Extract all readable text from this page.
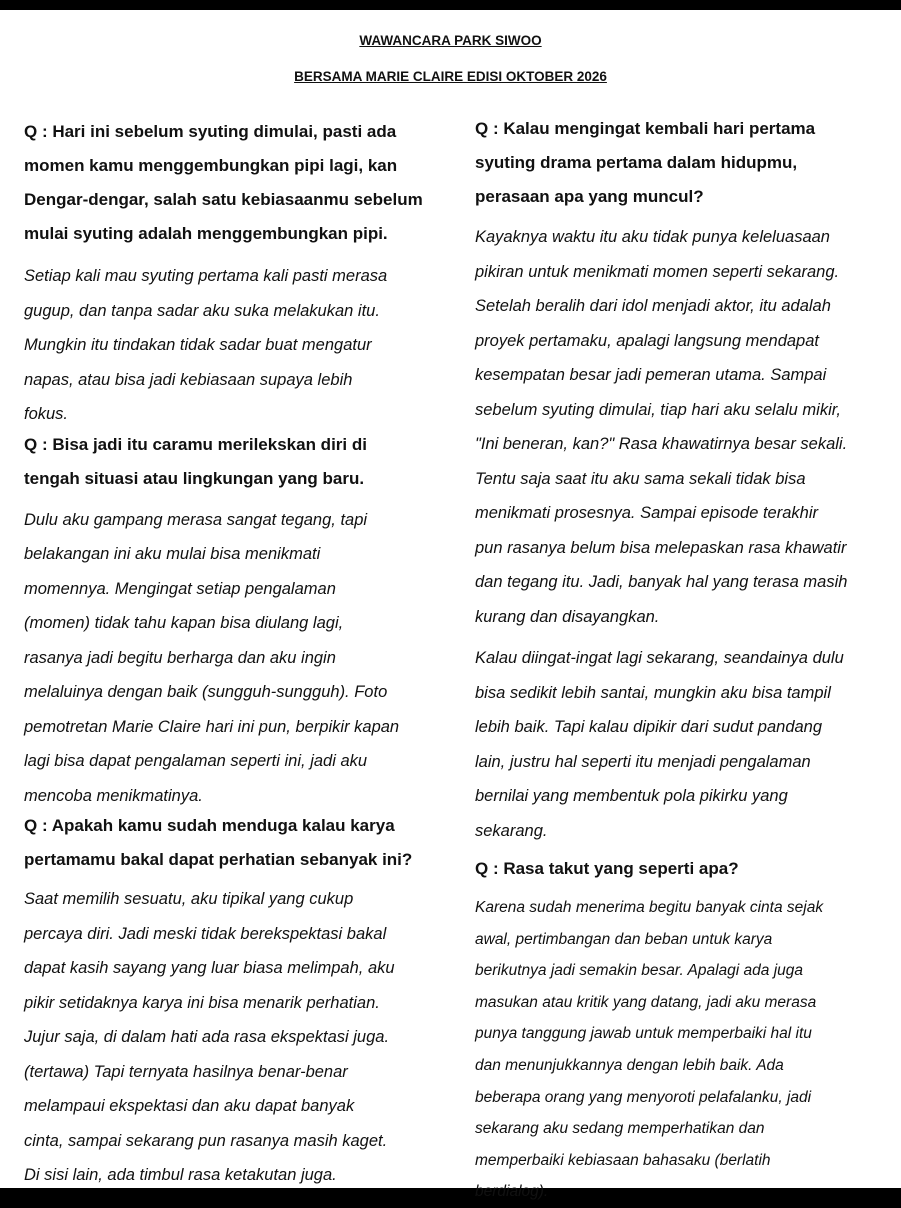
WAWANCARA PARK SIWOO
BERSAMA MARIE CLAIRE EDISI OKTOBER 2026

Q : Hari ini sebelum syuting dimulai, pasti ada
momen kamu menggembungkan pipi lagi, kan
Dengar-dengar, salah satu kebiasaanmu sebelum
mulai syuting adalah menggembungkan pipi.

Setiap kali mau syuting pertama kali pasti merasa
gugup, dan tanpa sadar aku suka melakukan itu.
Mungkin itu tindakan tidak sadar buat mengatur
napas, atau bisa jadi kebiasaan supaya lebih
fokus.

Q : Bisa jadi itu caramu merilekskan diri di
tengah situasi atau lingkungan yang baru.

Dulu aku gampang merasa sangat tegang, tapi
belakangan ini aku mulai bisa menikmati
momennya. Mengingat setiap pengalaman
(momen) tidak tahu kapan bisa diulang lagi,
rasanya jadi begitu berharga dan aku ingin
melaluinya dengan baik (sungguh-sungguh). Foto
pemotretan Marie Claire hari ini pun, berpikir kapan
lagi bisa dapat pengalaman seperti ini, jadi aku
mencoba menikmatinya.

Q : Apakah kamu sudah menduga kalau karya
pertamamu bakal dapat perhatian sebanyak ini?

Saat memilih sesuatu, aku tipikal yang cukup
percaya diri. Jadi meski tidak berekspektasi bakal
dapat kasih sayang yang luar biasa melimpah, aku
pikir setidaknya karya ini bisa menarik perhatian.
Jujur saja, di dalam hati ada rasa ekspektasi juga.
(tertawa) Tapi ternyata hasilnya benar-benar
melampaui ekspektasi dan aku dapat banyak
cinta, sampai sekarang pun rasanya masih kaget.
Di sisi lain, ada timbul rasa ketakutan juga.

Q : Kalau mengingat kembali hari pertama
syuting drama pertama dalam hidupmu,
perasaan apa yang muncul?

Kayaknya waktu itu aku tidak punya keleluasaan
pikiran untuk menikmati momen seperti sekarang.
Setelah beralih dari idol menjadi aktor, itu adalah
proyek pertamaku, apalagi langsung mendapat
kesempatan besar jadi pemeran utama. Sampai
sebelum syuting dimulai, tiap hari aku selalu mikir,
"Ini beneran, kan?" Rasa khawatirnya besar sekali.
Tentu saja saat itu aku sama sekali tidak bisa
menikmati prosesnya. Sampai episode terakhir
pun rasanya belum bisa melepaskan rasa khawatir
dan tegang itu. Jadi, banyak hal yang terasa masih
kurang dan disayangkan.

Kalau diingat-ingat lagi sekarang, seandainya dulu
bisa sedikit lebih santai, mungkin aku bisa tampil
lebih baik. Tapi kalau dipikir dari sudut pandang
lain, justru hal seperti itu menjadi pengalaman
bernilai yang membentuk pola pikirku yang
sekarang.

Q : Rasa takut yang seperti apa?

Karena sudah menerima begitu banyak cinta sejak
awal, pertimbangan dan beban untuk karya
berikutnya jadi semakin besar. Apalagi ada juga
masukan atau kritik yang datang, jadi aku merasa
punya tanggung jawab untuk memperbaiki hal itu
dan menunjukkannya dengan lebih baik. Ada
beberapa orang yang menyoroti pelafalanku, jadi
sekarang aku sedang memperhatikan dan
memperbaiki kebiasaan bahasaku (berlatih
berdialog).
